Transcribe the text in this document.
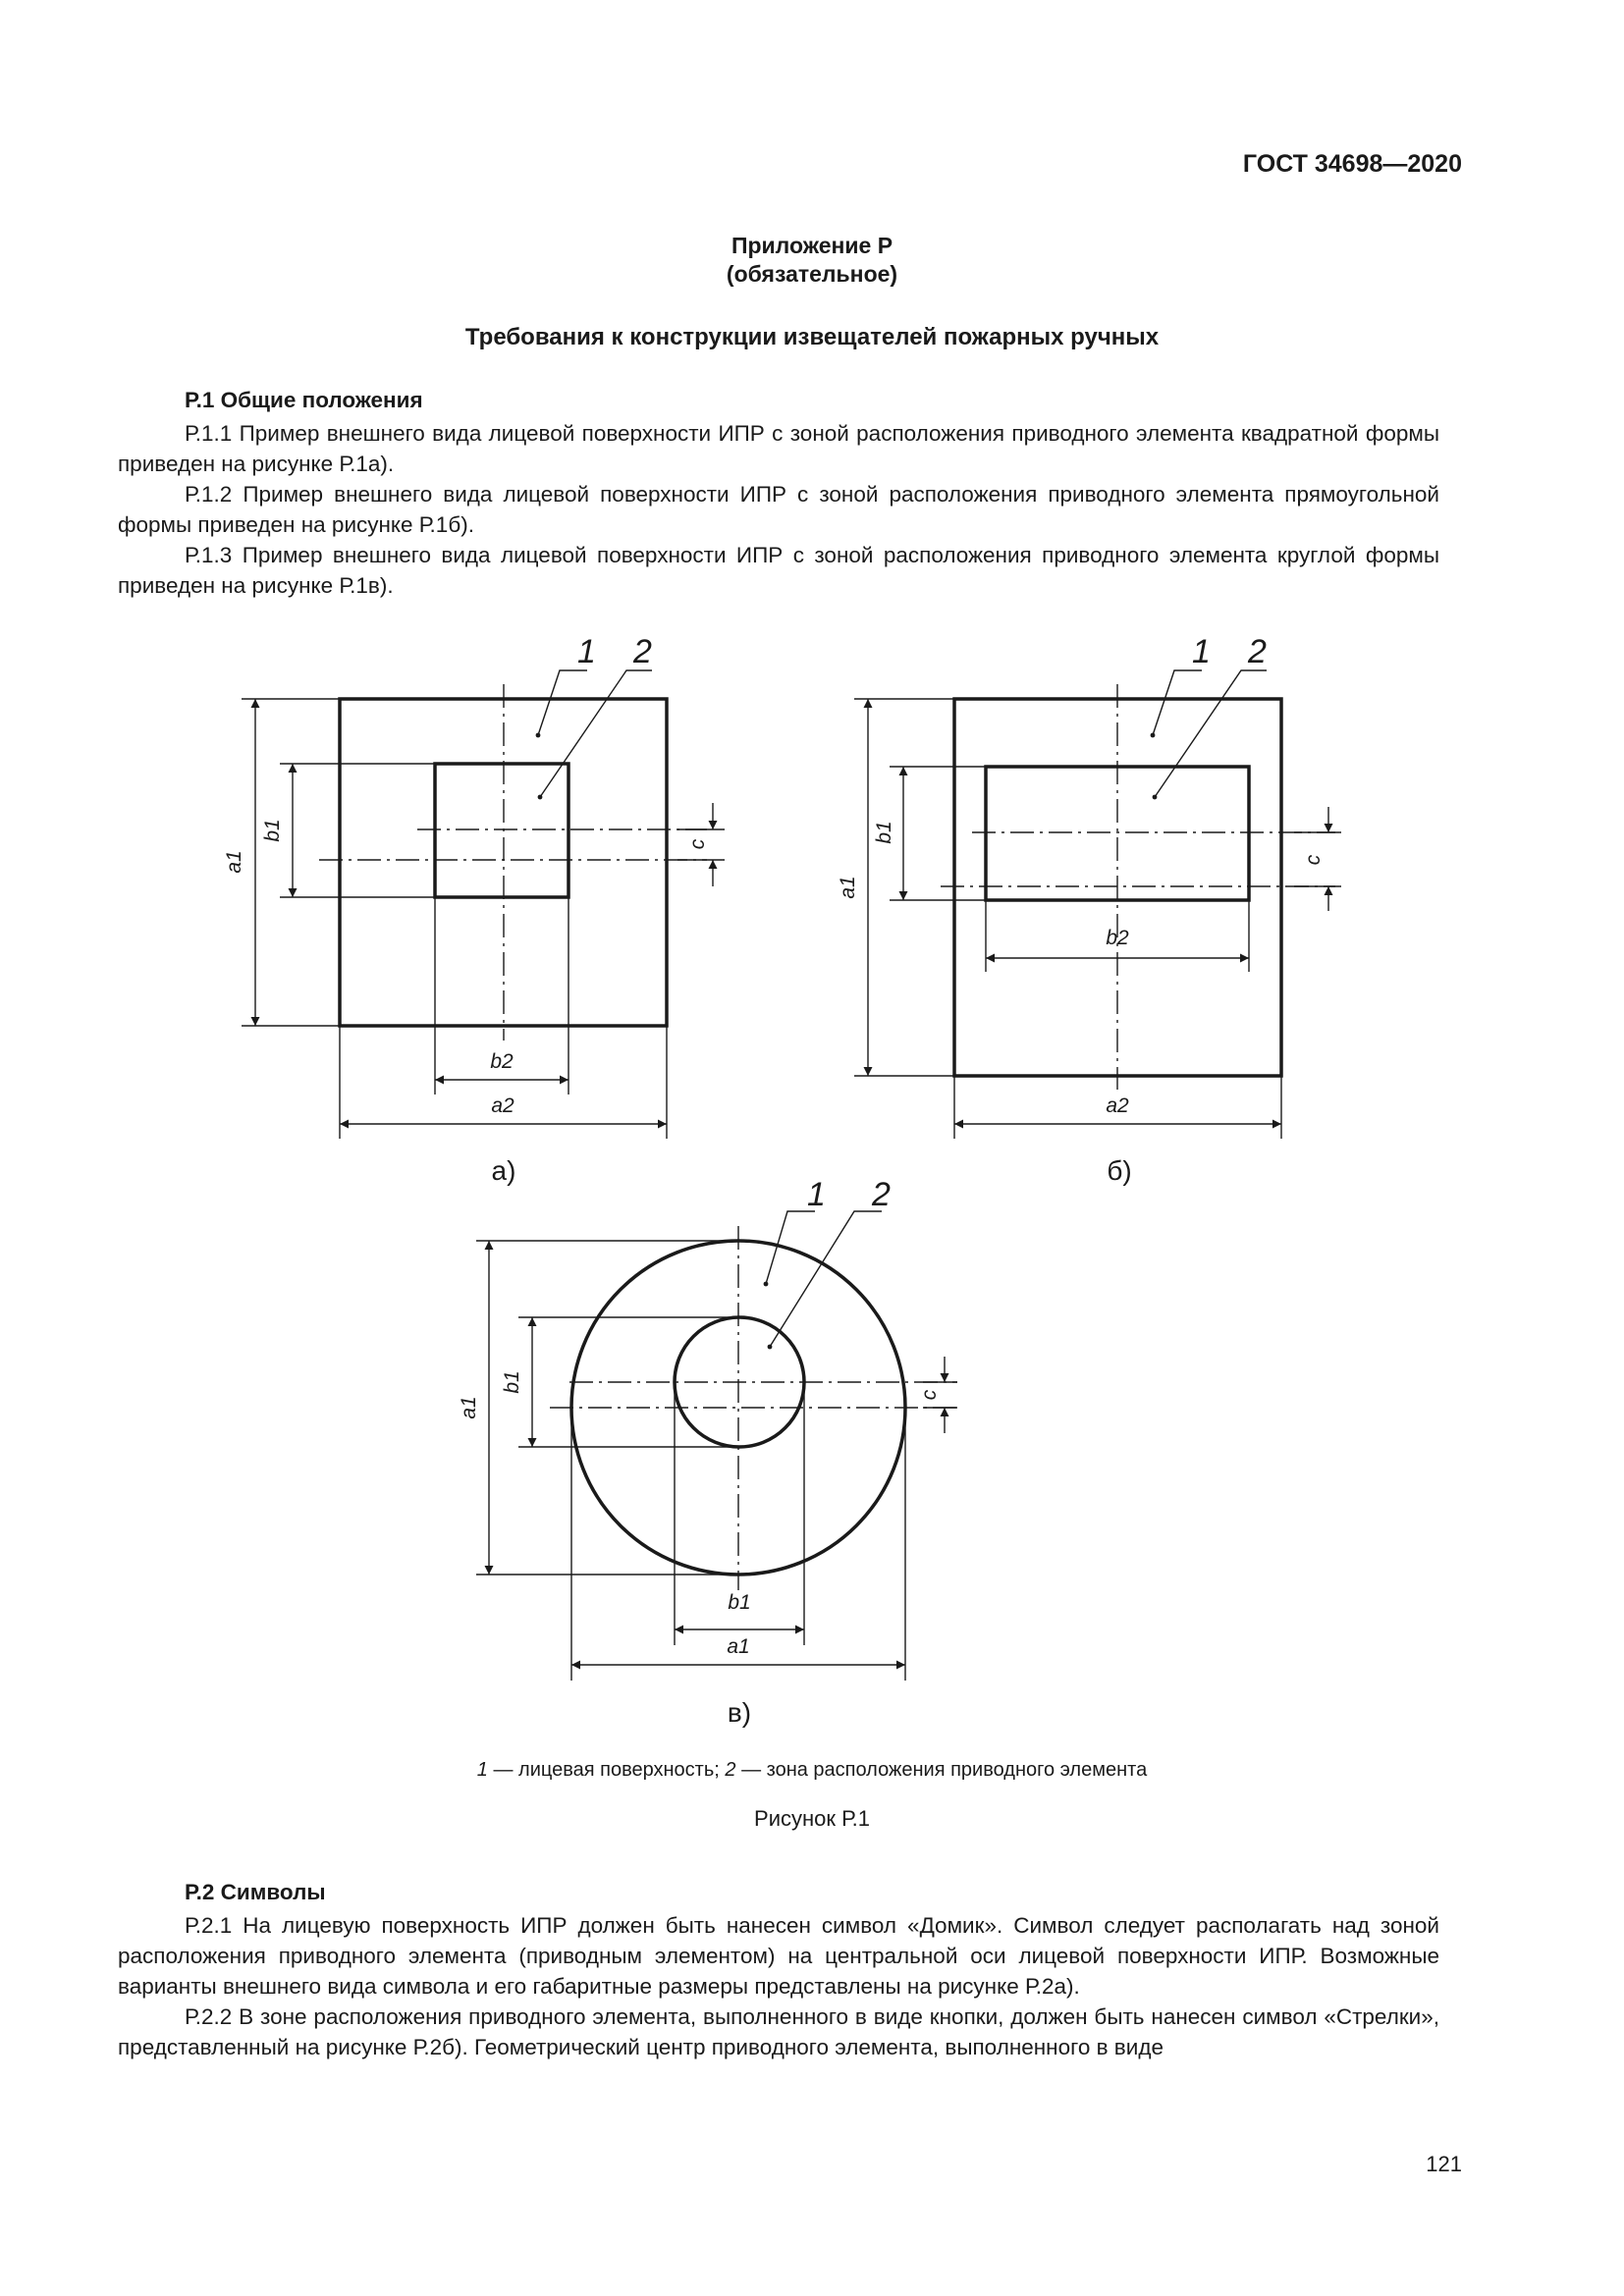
ГОСТ 34698—2020
Приложение Р
(обязательное)
Требования к конструкции извещателей пожарных ручных

Р.1 Общие положения

Р.1.1 Пример внешнего вида лицевой поверхности ИПР с зоной расположения приводного элемента квадратной формы приведен на рисунке Р.1а).

Р.1.2 Пример внешнего вида лицевой поверхности ИПР с зоной расположения приводного элемента прямоугольной формы приведен на рисунке Р.1б).

Р.1.3 Пример внешнего вида лицевой поверхности ИПР с зоной расположения приводного элемента круглой формы приведен на рисунке Р.1в).

1 2
a1
b1
c
b2
a2
а)
1 2
a1
b1
c
b2
a2
б)
1 2
a1
b1
c
b1
a1
в)
1 — лицевая поверхность; 2 — зона расположения приводного элемента
Рисунок Р.1

Р.2 Символы

Р.2.1 На лицевую поверхность ИПР должен быть нанесен символ «Домик». Символ следует располагать над зоной расположения приводного элемента (приводным элементом) на центральной оси лицевой поверхности ИПР. Возможные варианты внешнего вида символа и его габаритные размеры представлены на рисунке Р.2а).

Р.2.2 В зоне расположения приводного элемента, выполненного в виде кнопки, должен быть нанесен символ «Стрелки», представленный на рисунке Р.2б). Геометрический центр приводного элемента, выполненного в виде

121
